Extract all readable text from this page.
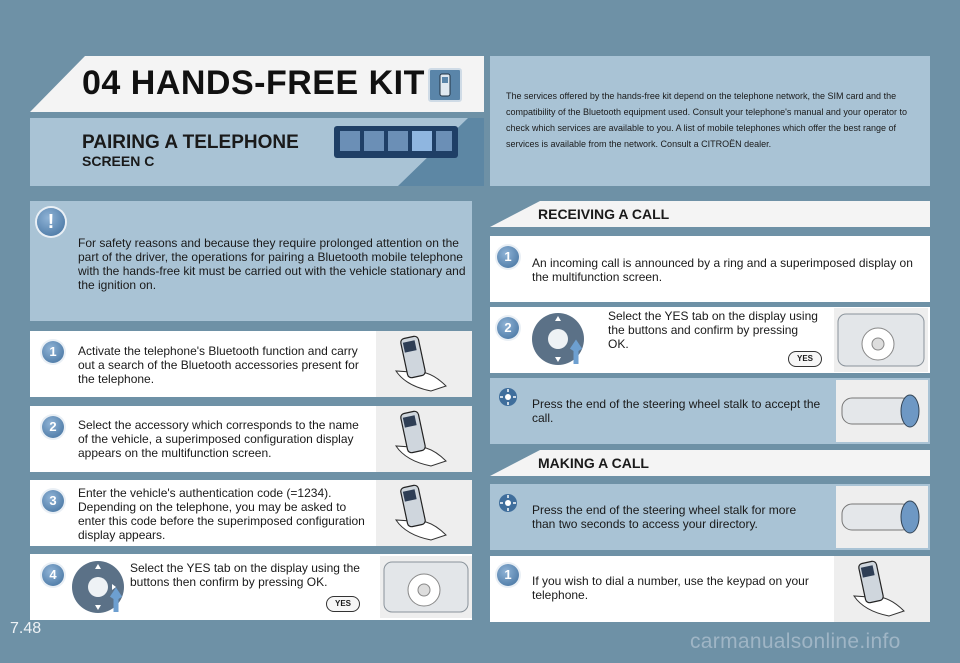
04 HANDS-FREE KIT
PAIRING A TELEPHONE
SCREEN C
The services offered by the hands-free kit depend on the telephone network, the SIM card and the compatibility of the Bluetooth equipment used. Consult your telephone's manual and your operator to check which services are available to you. A list of mobile telephones which offer the best range of services is available from the network. Consult a CITROËN dealer.
!
For safety reasons and because they require prolonged attention on the part of the driver, the operations for pairing a Bluetooth mobile telephone with the hands-free kit must be carried out with the vehicle stationary and the ignition on.
1	Activate the telephone's Bluetooth function and carry out a search of the Bluetooth accessories present for the telephone.
2	Select the accessory which corresponds to the name of the vehicle, a superimposed configuration display appears on the multifunction screen.
3	Enter the vehicle's authentication code (=1234). Depending on the telephone, you may be asked to enter this code before the superimposed configuration display appears.
4	Select the YES tab on the display using the buttons then confirm by pressing OK.
YES
RECEIVING A CALL
1	An incoming call is announced by a ring and a superimposed display on the multifunction screen.
2
Select the YES tab on the display using the buttons and confirm by pressing OK.
YES
Press the end of the steering wheel stalk to accept the call.
MAKING A CALL
Press the end of the steering wheel stalk for more than two seconds to access your directory.
1	If you wish to dial a number, use the keypad on your telephone.
7.48
carmanualsonline.info
